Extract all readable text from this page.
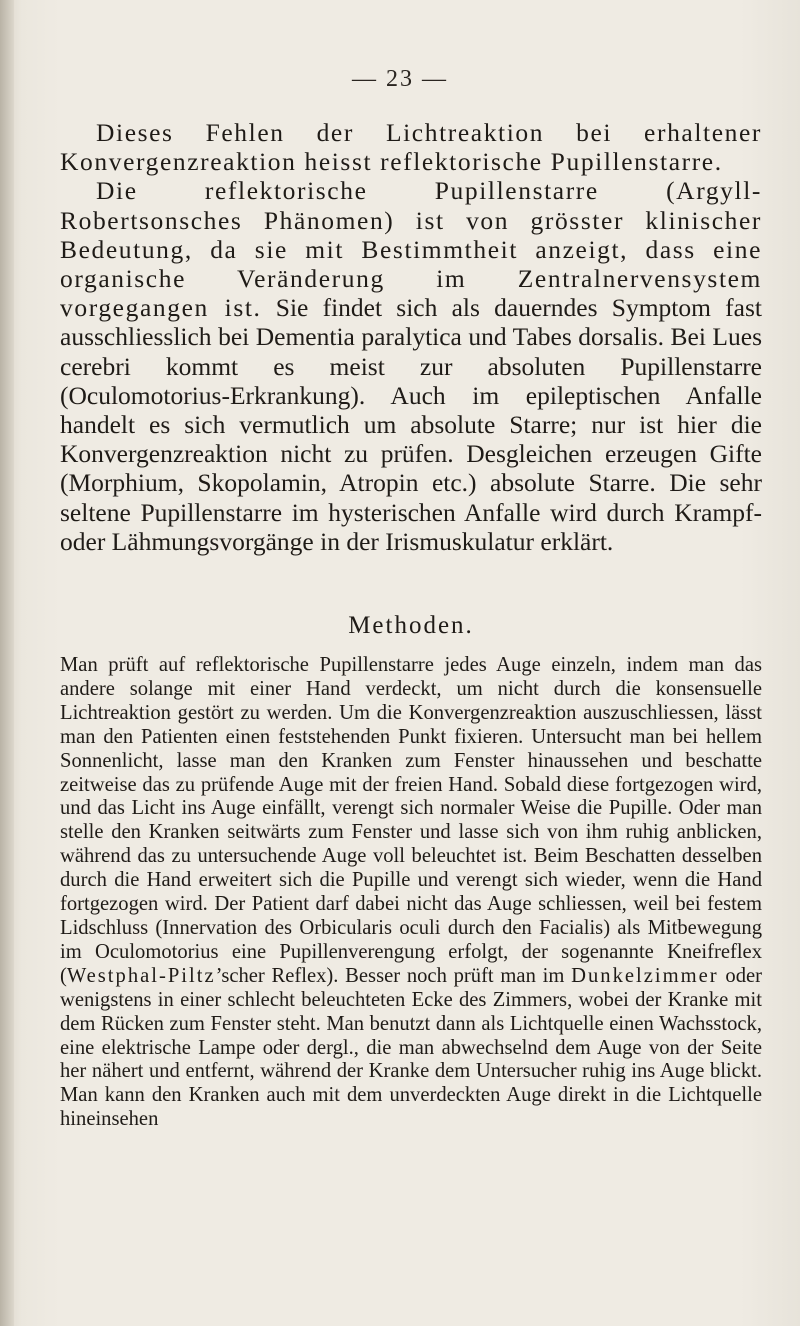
— 23 —

Dieses Fehlen der Lichtreaktion bei erhaltener Konvergenzreaktion heisst reflektorische Pupillenstarre.

Die reflektorische Pupillenstarre (Argyll-Robertsonsches Phänomen) ist von grösster klinischer Bedeutung, da sie mit Bestimmtheit anzeigt, dass eine organische Veränderung im Zentralnervensystem vorgegangen ist. Sie findet sich als dauerndes Symptom fast ausschliesslich bei Dementia paralytica und Tabes dorsalis. Bei Lues cerebri kommt es meist zur absoluten Pupillenstarre (Oculomotorius-Erkrankung). Auch im epileptischen Anfalle handelt es sich vermutlich um absolute Starre; nur ist hier die Konvergenzreaktion nicht zu prüfen. Desgleichen erzeugen Gifte (Morphium, Skopolamin, Atropin etc.) absolute Starre. Die sehr seltene Pupillenstarre im hysterischen Anfalle wird durch Krampf- oder Lähmungsvorgänge in der Irismuskulatur erklärt.

Methoden.

Man prüft auf reflektorische Pupillenstarre jedes Auge einzeln, indem man das andere solange mit einer Hand verdeckt, um nicht durch die konsensuelle Lichtreaktion gestört zu werden. Um die Konvergenzreaktion auszuschliessen, lässt man den Patienten einen feststehenden Punkt fixieren. Untersucht man bei hellem Sonnenlicht, lasse man den Kranken zum Fenster hinaussehen und beschatte zeitweise das zu prüfende Auge mit der freien Hand. Sobald diese fortgezogen wird, und das Licht ins Auge einfällt, verengt sich normaler Weise die Pupille. Oder man stelle den Kranken seitwärts zum Fenster und lasse sich von ihm ruhig anblicken, während das zu untersuchende Auge voll beleuchtet ist. Beim Beschatten desselben durch die Hand erweitert sich die Pupille und verengt sich wieder, wenn die Hand fortgezogen wird. Der Patient darf dabei nicht das Auge schliessen, weil bei festem Lidschluss (Innervation des Orbicularis oculi durch den Facialis) als Mitbewegung im Oculomotorius eine Pupillenverengung erfolgt, der sogenannte Kneifreflex (Westphal-Piltz’scher Reflex). Besser noch prüft man im Dunkelzimmer oder wenigstens in einer schlecht beleuchteten Ecke des Zimmers, wobei der Kranke mit dem Rücken zum Fenster steht. Man benutzt dann als Lichtquelle einen Wachsstock, eine elektrische Lampe oder dergl., die man abwechselnd dem Auge von der Seite her nähert und entfernt, während der Kranke dem Untersucher ruhig ins Auge blickt. Man kann den Kranken auch mit dem unverdeckten Auge direkt in die Lichtquelle hineinsehen
